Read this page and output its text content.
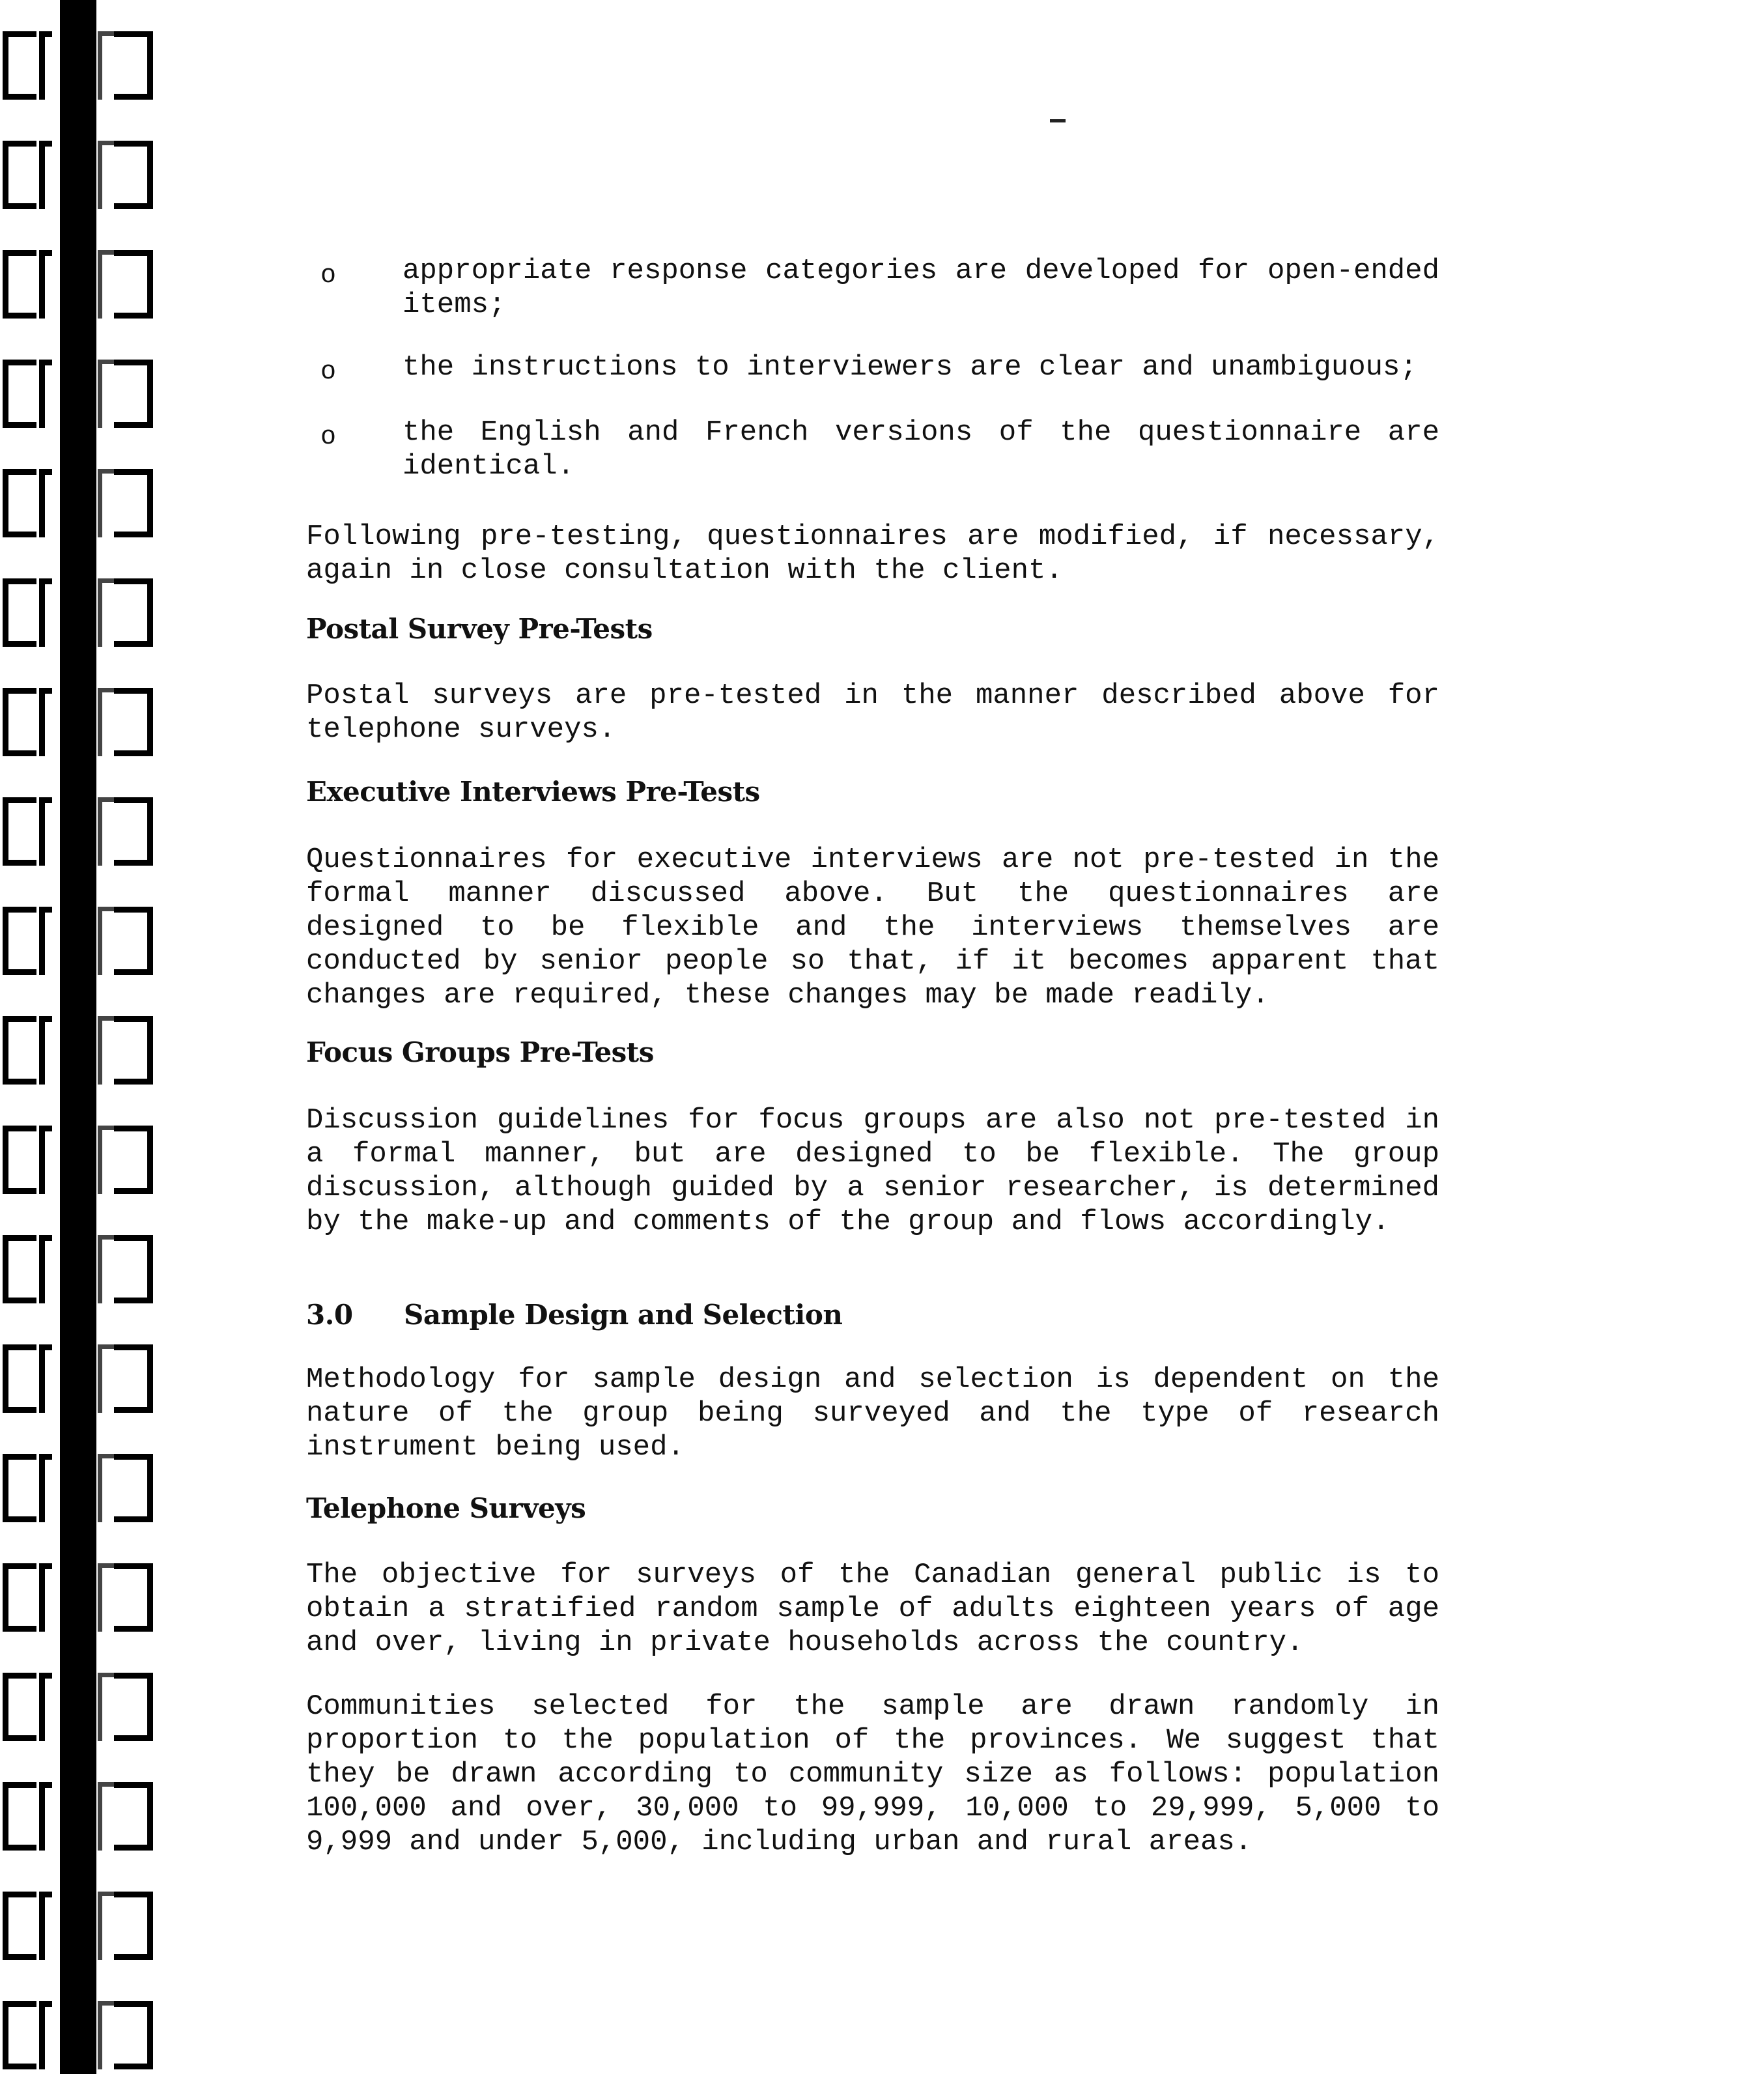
o appropriate response categories are developed for open-ended items;

o the instructions to interviewers are clear and unambiguous;

o the English and French versions of the questionnaire are identical.

Following pre-testing, questionnaires are modified, if necessary, again in close consultation with the client.

Postal Survey Pre-Tests

Postal surveys are pre-tested in the manner described above for telephone surveys.

Executive Interviews Pre-Tests

Questionnaires for executive interviews are not pre-tested in the formal manner discussed above. But the questionnaires are designed to be flexible and the interviews themselves are conducted by senior people so that, if it becomes apparent that changes are required, these changes may be made readily.

Focus Groups Pre-Tests

Discussion guidelines for focus groups are also not pre-tested in a formal manner, but are designed to be flexible. The group discussion, although guided by a senior researcher, is determined by the make-up and comments of the group and flows accordingly.

3.0 Sample Design and Selection

Methodology for sample design and selection is dependent on the nature of the group being surveyed and the type of research instrument being used.

Telephone Surveys

The objective for surveys of the Canadian general public is to obtain a stratified random sample of adults eighteen years of age and over, living in private households across the country.

Communities selected for the sample are drawn randomly in proportion to the population of the provinces. We suggest that they be drawn according to community size as follows: population 100,000 and over, 30,000 to 99,999, 10,000 to 29,999, 5,000 to 9,999 and under 5,000, including urban and rural areas.
